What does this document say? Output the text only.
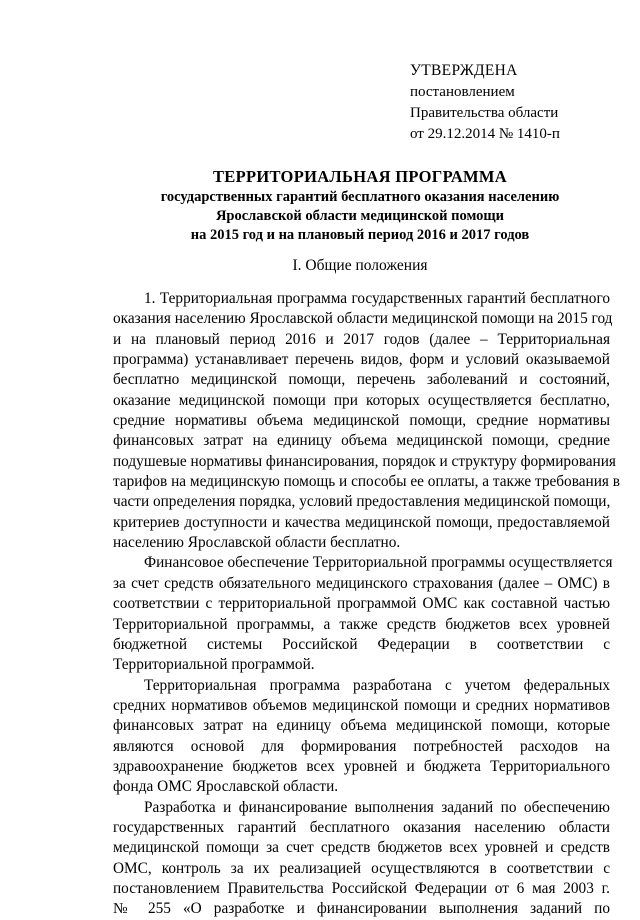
УТВЕРЖДЕНА
постановлением
Правительства области
от 29.12.2014 № 1410-п
ТЕРРИТОРИАЛЬНАЯ ПРОГРАММА
государственных гарантий бесплатного оказания населению
Ярославской области медицинской помощи
на 2015 год и на плановый период 2016 и 2017 годов
I. Общие положения
1. Территориальная программа государственных гарантий бесплатного
оказания населению Ярославской области медицинской помощи на 2015 год
и на плановый период 2016 и 2017 годов (далее – Территориальная
программа) устанавливает перечень видов, форм и условий оказываемой
бесплатно медицинской помощи, перечень заболеваний и состояний,
оказание медицинской помощи при которых осуществляется бесплатно,
средние нормативы объема медицинской помощи, средние нормативы
финансовых затрат на единицу объема медицинской помощи, средние
подушевые нормативы финансирования, порядок и структуру формирования
тарифов на медицинскую помощь и способы ее оплаты, а также требования в
части определения порядка, условий предоставления медицинской помощи,
критериев доступности и качества медицинской помощи, предоставляемой
населению Ярославской области бесплатно.
Финансовое обеспечение Территориальной программы осуществляется
за счет средств обязательного медицинского страхования (далее – ОМС) в
соответствии с территориальной программой ОМС как составной частью
Территориальной программы, а также средств бюджетов всех уровней
бюджетной системы Российской Федерации в соответствии с
Территориальной программой.
Территориальная программа разработана с учетом федеральных
средних нормативов объемов медицинской помощи и средних нормативов
финансовых затрат на единицу объема медицинской помощи, которые
являются основой для формирования потребностей расходов на
здравоохранение бюджетов всех уровней и бюджета Территориального
фонда ОМС Ярославской области.
Разработка и финансирование выполнения заданий по обеспечению
государственных гарантий бесплатного оказания населению области
медицинской помощи за счет средств бюджетов всех уровней и средств
ОМС, контроль за их реализацией осуществляются в соответствии с
постановлением Правительства Российской Федерации от 6 мая 2003 г.
№ 255 «О разработке и финансировании выполнения заданий по
